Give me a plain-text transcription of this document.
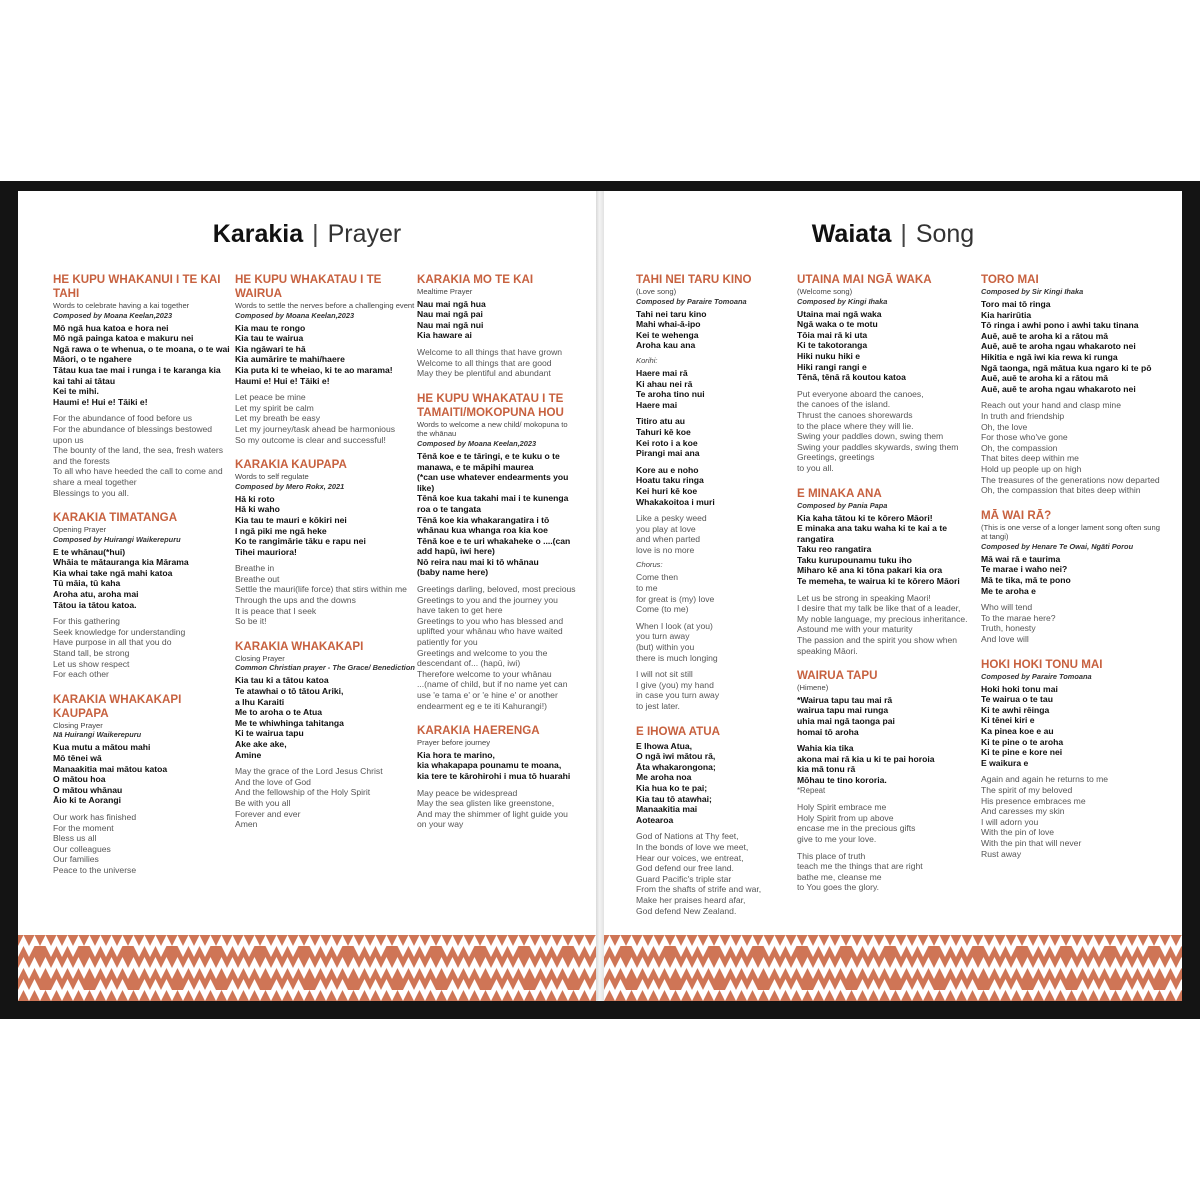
Karakia | Prayer
HE KUPU WHAKANUI I TE KAI TAHI
Words to celebrate having a kai together
Composed by Moana Keelan,2023
Mō ngā hua katoa e hora nei
Mō ngā painga katoa e makuru nei
Ngā rawa o te whenua, o te moana, o te wai Māori, o te ngahere
Tātau kua tae mai i runga i te karanga kia kai tahi ai tātau
Kei te mihi.
Haumi e! Hui e! Tāiki e!
For the abundance of food before us
For the abundance of blessings bestowed upon us
The bounty of the land, the sea, fresh waters and the forests
To all who have heeded the call to come and share a meal together
Blessings to you all.
KARAKIA TIMATANGA
Opening Prayer
Composed by Huirangi Waikerepuru
E te whānau(*hui)
Whāia te mātauranga kia Mārama
Kia whai take ngā mahi katoa
Tū māia, tū kaha
Aroha atu, aroha mai
Tātou ia tātou katoa.
For this gathering
Seek knowledge for understanding
Have purpose in all that you do
Stand tall, be strong
Let us show respect
For each other
KARAKIA WHAKAKAPI KAUPAPA
Closing Prayer
Nā Huirangi Waikerepuru
Kua mutu a mātou mahi
Mō tēnei wā
Manaakitia mai mātou katoa
O mātou hoa
O mātou whānau
Āio ki te Aorangi
Our work has finished
For the moment
Bless us all
Our colleagues
Our families
Peace to the universe
HE KUPU WHAKATAU I TE WAIRUA
Words to settle the nerves before a challenging event
Composed by Moana Keelan,2023
Kia mau te rongo
Kia tau te wairua
Kia ngāwari te hā
Kia aumārire te mahi/haere
Kia puta ki te wheiao, ki te ao marama!
Haumi e! Hui e! Tāiki e!
Let peace be mine
Let my spirit be calm
Let my breath be easy
Let my journey/task ahead be harmonious
So my outcome is clear and successful!
KARAKIA KAUPAPA
Words to self regulate
Composed by Mero Rokx, 2021
Hā ki roto
Hā ki waho
Kia tau te mauri e kōkiri nei
I ngā piki me ngā heke
Ko te rangimārie tāku e rapu nei
Tihei mauriora!
Breathe in
Breathe out
Settle the mauri(life force) that stirs within me
Through the ups and the downs
It is peace that I seek
So be it!
KARAKIA WHAKAKAPI
Closing Prayer
Common Christian prayer - The Grace/ Benediction
Kia tau ki a tātou katoa
Te atawhai o tō tātou Ariki,
a Ihu Karaiti
Me to aroha o te Atua
Me te whiwhinga tahitanga
Ki te wairua tapu
Ake ake ake,
Amine
May the grace of the Lord Jesus Christ
And the love of God
And the fellowship of the Holy Spirit
Be with you all
Forever and ever
Amen
KARAKIA MO TE KAI
Mealtime Prayer
Nau mai ngā hua
Nau mai ngā pai
Nau mai ngā nui
Kia haware ai
Welcome to all things that have grown
Welcome to all things that are good
May they be plentiful and abundant
HE KUPU WHAKATAU I TE TAMAITI/MOKOPUNA HOU
Words to welcome a new child/ mokopuna to the whānau
Composed by Moana Keelan,2023
Tēnā koe e te tāringi, e te kuku o te manawa, e te māpihi maurea
(*can use whatever endearments you like)
Tēnā koe kua takahi mai i te kunenga roa o te tangata
Tēnā koe kia whakarangatira i tō whānau kua whanga roa kia koe
Tēnā koe e te uri whakaheke o ....(can add hapū, iwi here)
Nō reira nau mai ki tō whānau
(baby name here)
Greetings darling, beloved, most precious
Greetings to you and the journey you have taken to get here
Greetings to you who has blessed and uplifted your whānau who have waited patiently for you
Greetings and welcome to you the descendant of... (hapū, iwi)
Therefore welcome to your whānau
...(name of child, but if no name yet can use 'e tama e' or 'e hine e' or another endearment eg e te iti Kahurangi!)
KARAKIA HAERENGA
Prayer before journey
Kia hora te marino,
kia whakapapa pounamu te moana,
kia tere te kārohirohi i mua tō huarahi
May peace be widespread
May the sea glisten like greenstone,
And may the shimmer of light guide you on your way
Waiata | Song
TAHI NEI TARU KINO
(Love song)
Composed by Paraire Tomoana
Tahi nei taru kino
Mahi whai-ā-ipo
Kei te wehenga
Aroha kau ana
Korihi:
Haere mai rā
Ki ahau nei rā
Te aroha tino nui
Haere mai
Titiro atu au
Tahuri kē koe
Kei roto i a koe
Pirangi mai ana
Kore au e noho
Hoatu taku ringa
Kei huri kē koe
Whakakoitoa i muri
Like a pesky weed
you play at love
and when parted
love is no more
Chorus:
Come then
to me
for great is (my) love
Come (to me)
When I look (at you)
you turn away
(but) within you
there is much longing
I will not sit still
I give (you) my hand
in case you turn away
to jest later.
E IHOWA ATUA
E Ihowa Atua,
O ngā iwi mātou rā,
Āta whakarongona;
Me aroha noa
Kia hua ko te pai;
Kia tau tō atawhai;
Manaakitia mai
Aotearoa
God of Nations at Thy feet,
In the bonds of love we meet,
Hear our voices, we entreat,
God defend our free land.
Guard Pacific's triple star
From the shafts of strife and war,
Make her praises heard afar,
God defend New Zealand.
UTAINA MAI NGĀ WAKA
(Welcome song)
Composed by Kingi Ihaka
Utaina mai ngā waka
Ngā waka o te motu
Tōia mai rā ki uta
Ki te takotoranga
Hiki nuku hiki e
Hiki rangi rangi e
Tēnā, tēnā rā koutou katoa
Put everyone aboard the canoes,
the canoes of the island.
Thrust the canoes shorewards
to the place where they will lie.
Swing your paddles down, swing them
Swing your paddles skywards, swing them
Greetings, greetings
to you all.
E MINAKA ANA
Composed by Pania Papa
Kia kaha tātou ki te kōrero Māori!
E minaka ana taku waha ki te kai a te rangatira
Taku reo rangatira
Taku kurupounamu tuku iho
Miharo kē ana ki tōna pakari kia ora
Te memeha, te wairua ki te kōrero Māori
Let us be strong in speaking Maori!
I desire that my talk be like that of a leader,
My noble language, my precious inheritance.
Astound me with your maturity
The passion and the spirit you show when speaking Māori.
WAIRUA TAPU
(Himene)
*Wairua tapu tau mai rā
wairua tapu mai runga
uhia mai ngā taonga pai
homai tō aroha
Wahia kia tika
akona mai rā kia u ki te pai horoia
kia mā tonu rā
Mōhau te tino kororia.
*Repeat
Holy Spirit embrace me
Holy Spirit from up above
encase me in the precious gifts
give to me your love.
This place of truth
teach me the things that are right
bathe me, cleanse me
to You goes the glory.
TORO MAI
Composed by Sir Kingi Ihaka
Toro mai tō ringa
Kia harirūtia
Tō ringa i awhi pono i awhi taku tinana
Auē, auē te aroha ki a rātou mā
Auē, auē te aroha ngau whakaroto nei
Hikitia e ngā iwi kia rewa ki runga
Ngā taonga, ngā mātua kua ngaro ki te pō
Auē, auē te aroha ki a rātou mā
Auē, auē te aroha ngau whakaroto nei
Reach out your hand and clasp mine
In truth and friendship
Oh, the love
For those who've gone
Oh, the compassion
That bites deep within me
Hold up people up on high
The treasures of the generations now departed
Oh, the compassion that bites deep within
MĀ WAI RĀ?
(This is one verse of a longer lament song often sung at tangi)
Composed by Henare Te Owai, Ngāti Porou
Mā wai rā e taurima
Te marae i waho nei?
Mā te tika, mā te pono
Me te aroha e
Who will tend
To the marae here?
Truth, honesty
And love will
HOKI HOKI TONU MAI
Composed by Paraire Tomoana
Hoki hoki tonu mai
Te wairua o te tau
Ki te awhi rēinga
Ki tēnei kiri e
Ka pinea koe e au
Ki te pine o te aroha
Ki te pine e kore nei
E waikura e
Again and again he returns to me
The spirit of my beloved
His presence embraces me
And caresses my skin
I will adorn you
With the pin of love
With the pin that will never
Rust away
